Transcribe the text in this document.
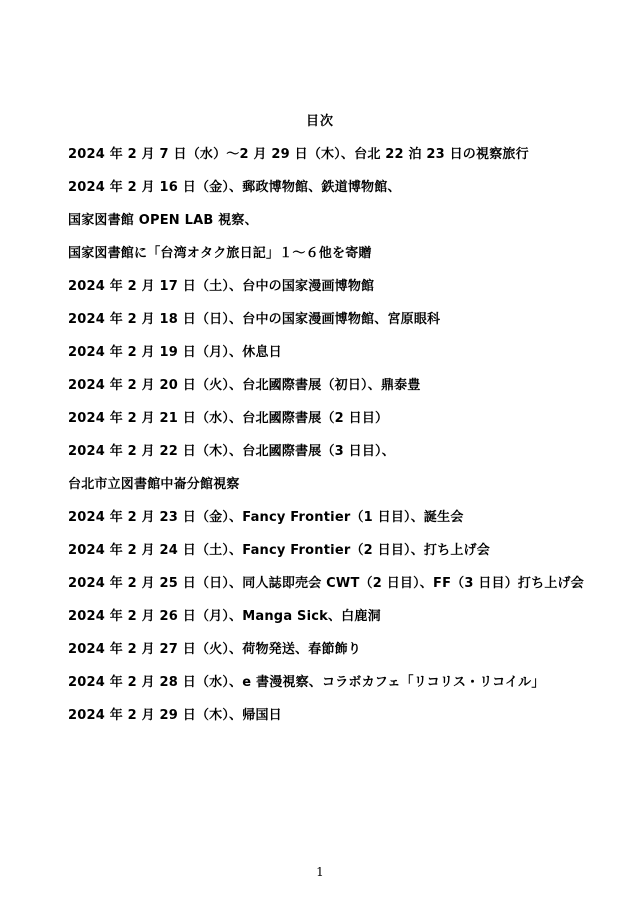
目次
2024 年 2 月 7 日（水）～2 月 29 日（木）、台北 22 泊 23 日の視察旅行
2024 年 2 月 16 日（金）、郵政博物館、鉄道博物館、
国家図書館 OPEN LAB 視察、
国家図書館に「台湾オタク旅日記」１～６他を寄贈
2024 年 2 月 17 日（土）、台中の国家漫画博物館
2024 年 2 月 18 日（日）、台中の国家漫画博物館、宮原眼科
2024 年 2 月 19 日（月）、休息日
2024 年 2 月 20 日（火）、台北國際書展（初日）、鼎泰豊
2024 年 2 月 21 日（水）、台北國際書展（2 日目）
2024 年 2 月 22 日（木）、台北國際書展（3 日目）、
台北市立図書館中崙分館視察
2024 年 2 月 23 日（金）、Fancy Frontier（1 日目）、誕生会
2024 年 2 月 24 日（土）、Fancy Frontier（2 日目）、打ち上げ会
2024 年 2 月 25 日（日）、同人誌即売会 CWT（2 日目）、FF（3 日目）打ち上げ会
2024 年 2 月 26 日（月）、Manga Sick、白鹿洞
2024 年 2 月 27 日（火）、荷物発送、春節飾り
2024 年 2 月 28 日（水）、e 書漫視察、コラボカフェ「リコリス・リコイル」
2024 年 2 月 29 日（木）、帰国日
1
